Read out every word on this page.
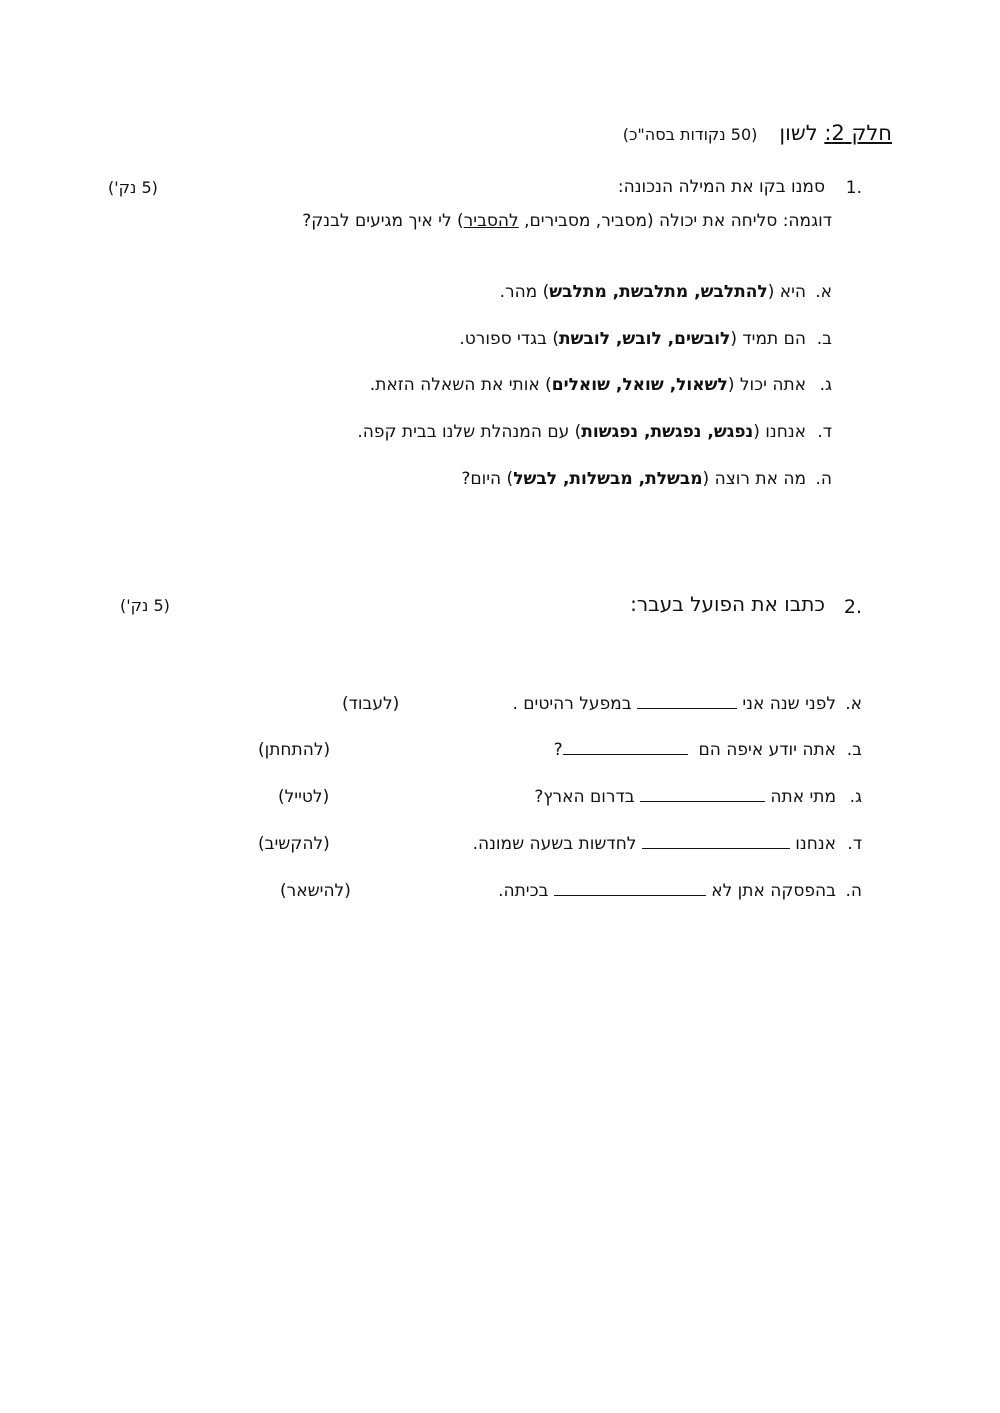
חלק 2: לשון(50 נקודות בסה"כ)
1.
סמנו בקו את המילה הנכונה:
(5 נק')
דוגמה: סליחה את יכולה (מסביר, מסבירים, להסביר) לי איך מגיעים לבנק?
א.היא (להתלבש, מתלבשת, מתלבש) מהר.
ב.הם תמיד (לובשים, לובש, לובשת) בגדי ספורט.
ג.אתה יכול (לשאול, שואל, שואלים) אותי את השאלה הזאת.
ד.אנחנו (נפגש, נפגשת, נפגשות) עם המנהלת שלנו בבית קפה.
ה.מה את רוצה (מבשלת, מבשלות, לבשל) היום?
2.
כתבו את הפועל בעבר:
(5 נק')
א.לפני שנה אני  במפעל רהיטים .
(לעבוד)
ב.אתה יודע איפה הם  ?
(להתחתן)
ג.מתי אתה  בדרום הארץ?
(לטייל)
ד.אנחנו  לחדשות בשעה שמונה.
(להקשיב)
ה.בהפסקה אתן לא  בכיתה.
(להישאר)
